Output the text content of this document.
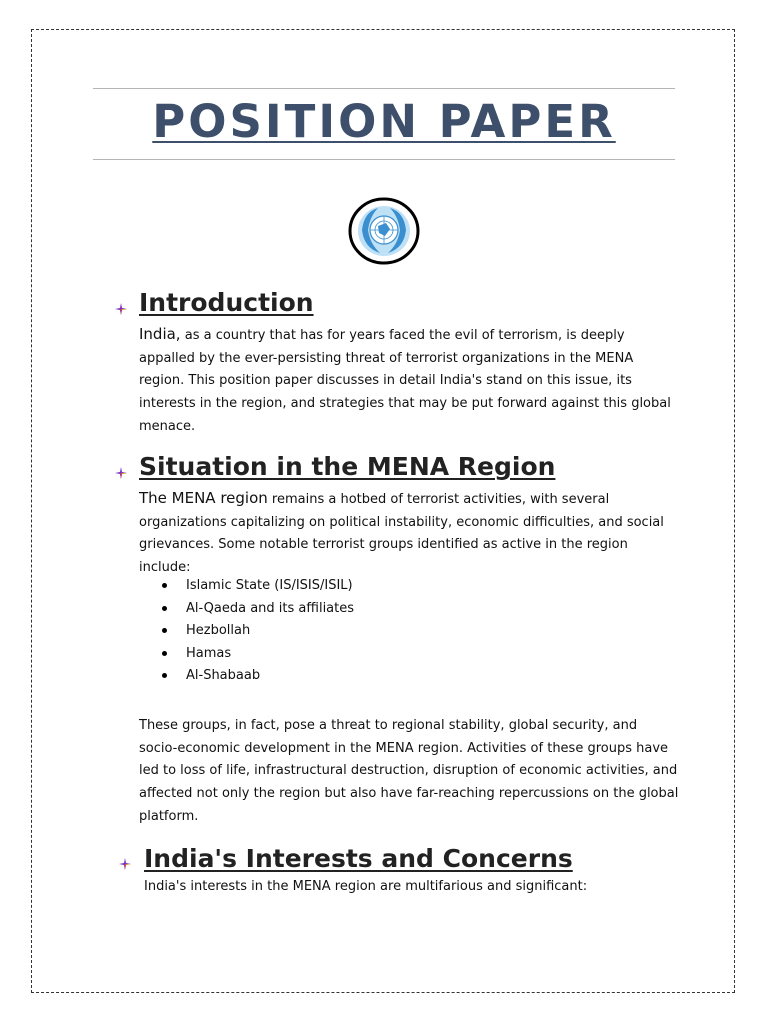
POSITION PAPER
Introduction
India, as a country that has for years faced the evil of terrorism, is deeply appalled by the ever-persisting threat of terrorist organizations in the MENA region. This position paper discusses in detail India's stand on this issue, its interests in the region, and strategies that may be put forward against this global menace.
Situation in the MENA Region
The MENA region remains a hotbed of terrorist activities, with several organizations capitalizing on political instability, economic difficulties, and social grievances. Some notable terrorist groups identified as active in the region include:
Islamic State (IS/ISIS/ISIL)
Al-Qaeda and its affiliates
Hezbollah
Hamas
Al-Shabaab
These groups, in fact, pose a threat to regional stability, global security, and socio-economic development in the MENA region. Activities of these groups have led to loss of life, infrastructural destruction, disruption of economic activities, and affected not only the region but also have far-reaching repercussions on the global platform.
India's Interests and Concerns
India's interests in the MENA region are multifarious and significant:
